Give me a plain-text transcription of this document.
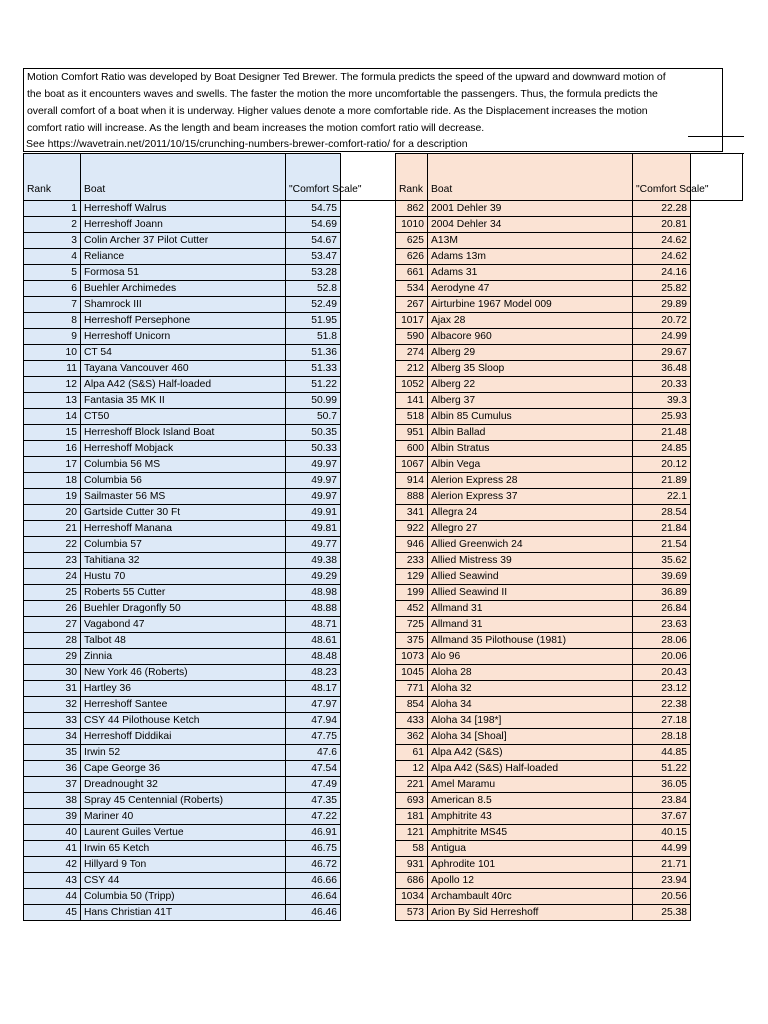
Motion Comfort Ratio was developed by Boat Designer Ted Brewer. The formula predicts the speed of the upward and downward motion of
the boat as it encounters waves and swells. The faster the motion the more uncomfortable the passengers. Thus, the formula predicts the
overall comfort of a boat when it is underway. Higher values denote a more comfortable ride. As the Displacement increases the motion
comfort ratio will increase. As the length and beam increases the motion comfort ratio will decrease.
See https://wavetrain.net/2011/10/15/crunching-numbers-brewer-comfort-ratio/ for a description
Rank	Boat	"Comfort Scale"
1	Herreshoff Walrus	54.75
2	Herreshoff Joann	54.69
3	Colin Archer 37 Pilot Cutter	54.67
4	Reliance	53.47
5	Formosa 51	53.28
6	Buehler Archimedes	52.8
7	Shamrock III	52.49
8	Herreshoff Persephone	51.95
9	Herreshoff Unicorn	51.8
10	CT 54	51.36
11	Tayana Vancouver 460	51.33
12	Alpa A42 (S&S) Half-loaded	51.22
13	Fantasia 35 MK II	50.99
14	CT50	50.7
15	Herreshoff Block Island Boat	50.35
16	Herreshoff Mobjack	50.33
17	Columbia 56 MS	49.97
18	Columbia 56	49.97
19	Sailmaster 56 MS	49.97
20	Gartside Cutter 30 Ft	49.91
21	Herreshoff Manana	49.81
22	Columbia 57	49.77
23	Tahitiana 32	49.38
24	Hustu 70	49.29
25	Roberts 55 Cutter	48.98
26	Buehler Dragonfly 50	48.88
27	Vagabond 47	48.71
28	Talbot 48	48.61
29	Zinnia	48.48
30	New York 46 (Roberts)	48.23
31	Hartley 36	48.17
32	Herreshoff Santee	47.97
33	CSY 44 Pilothouse Ketch	47.94
34	Herreshoff Diddikai	47.75
35	Irwin 52	47.6
36	Cape George 36	47.54
37	Dreadnought 32	47.49
38	Spray 45 Centennial (Roberts)	47.35
39	Mariner 40	47.22
40	Laurent Guiles Vertue	46.91
41	Irwin 65 Ketch	46.75
42	Hillyard 9 Ton	46.72
43	CSY 44	46.66
44	Columbia 50 (Tripp)	46.64
45	Hans Christian 41T	46.46
Rank	Boat	"Comfort Scale"
862	2001 Dehler 39	22.28
1010	2004 Dehler 34	20.81
625	A13M	24.62
626	Adams 13m	24.62
661	Adams 31	24.16
534	Aerodyne 47	25.82
267	Airturbine 1967 Model 009	29.89
1017	Ajax 28	20.72
590	Albacore 960	24.99
274	Alberg 29	29.67
212	Alberg 35 Sloop	36.48
1052	Alberg 22	20.33
141	Alberg 37	39.3
518	Albin 85 Cumulus	25.93
951	Albin Ballad	21.48
600	Albin Stratus	24.85
1067	Albin Vega	20.12
914	Alerion Express 28	21.89
888	Alerion Express 37	22.1
341	Allegra 24	28.54
922	Allegro 27	21.84
946	Allied Greenwich 24	21.54
233	Allied Mistress 39	35.62
129	Allied Seawind	39.69
199	Allied Seawind II	36.89
452	Allmand 31	26.84
725	Allmand 31	23.63
375	Allmand 35 Pilothouse (1981)	28.06
1073	Alo 96	20.06
1045	Aloha 28	20.43
771	Aloha 32	23.12
854	Aloha 34	22.38
433	Aloha 34 [198*]	27.18
362	Aloha 34 [Shoal]	28.18
61	Alpa A42 (S&S)	44.85
12	Alpa A42 (S&S) Half-loaded	51.22
221	Amel Maramu	36.05
693	American 8.5	23.84
181	Amphitrite 43	37.67
121	Amphitrite MS45	40.15
58	Antigua	44.99
931	Aphrodite 101	21.71
686	Apollo 12	23.94
1034	Archambault 40rc	20.56
573	Arion By Sid Herreshoff	25.38
